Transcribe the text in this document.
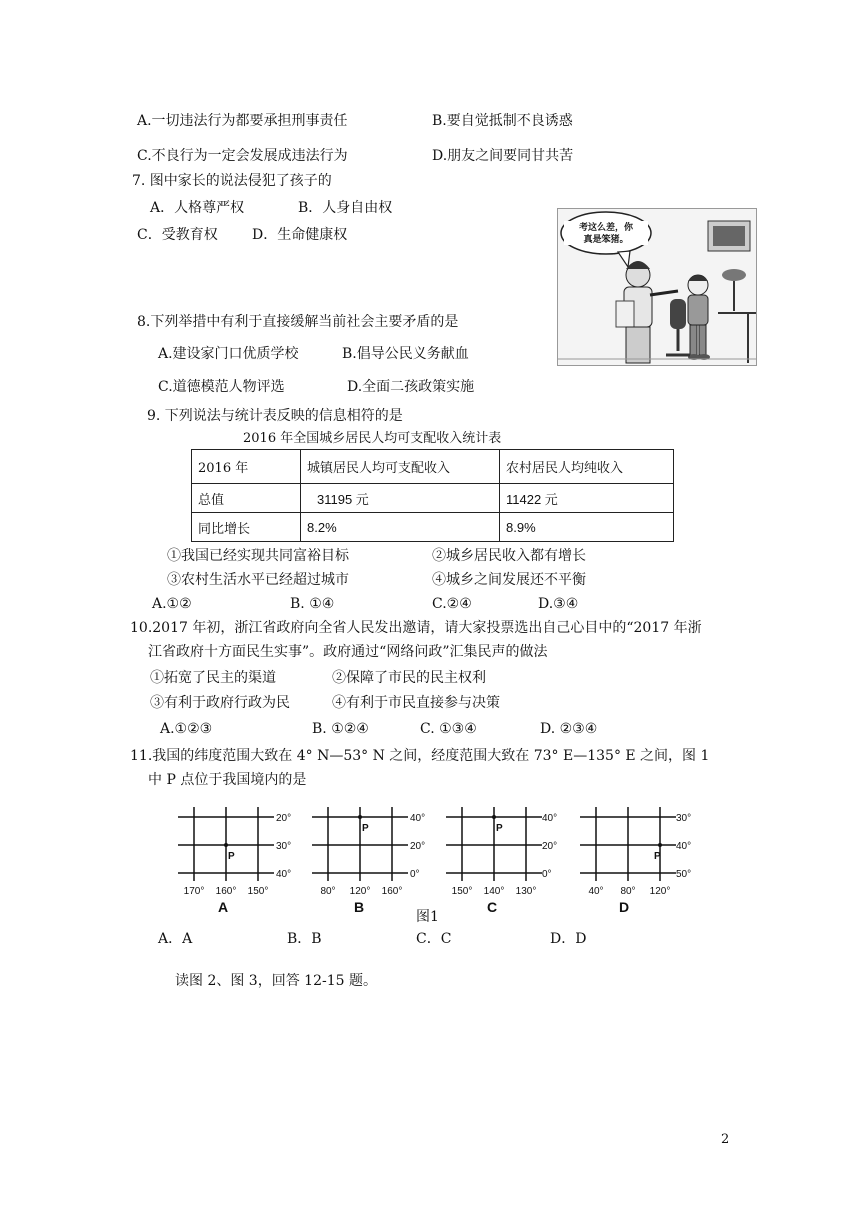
A.一切违法行为都要承担刑事责任	B.要自觉抵制不良诱惑
C.不良行为一定会发展成违法行为	D.朋友之间要同甘共苦
7. 图中家长的说法侵犯了孩子的
A．人格尊严权	B．人身自由权
C．受教育权 D．生命健康权	考这么差，你
真是笨猪。
8.下列举措中有利于直接缓解当前社会主要矛盾的是
A.建设家门口优质学校	B.倡导公民义务献血
C.道德模范人物评选	D.全面二孩政策实施
9. 下列说法与统计表反映的信息相符的是
2016 年全国城乡居民人均可支配收入统计表
2016 年	城镇居民人均可支配收入	农村居民人均纯收入
总值	31195 元	11422 元
同比增长	8.2%	8.9%
①我国已经实现共同富裕目标	②城乡居民收入都有增长
③农村生活水平已经超过城市	④城乡之间发展还不平衡
A.①②	B. ①④	C.②④	D.③④
10.2017 年初，浙江省政府向全省人民发出邀请，请大家投票选出自己心目中的“2017 年浙
江省政府十方面民生实事”。政府通过“网络问政”汇集民声的做法
①拓宽了民主的渠道	②保障了市民的民主权利
③有利于政府行政为民	④有利于市民直接参与决策
A.①②③	B. ①②④	C. ①③④	D. ②③④
11.我国的纬度范围大致在 4° N—53° N 之间，经度范围大致在 73° E—135° E 之间，图 1
中 P 点位于我国境内的是
20°
30°
40°
170° 160° 150°
P
A
40°
20°
0°
80° 120° 160°
P
B
40°
20°
0°
150° 140° 130°
P
C
30°
40°
50°
40° 80° 120°
P
D
图1
A．A	B．B	C．C	D．D
读图 2、图 3，回答 12-15 题。
2
